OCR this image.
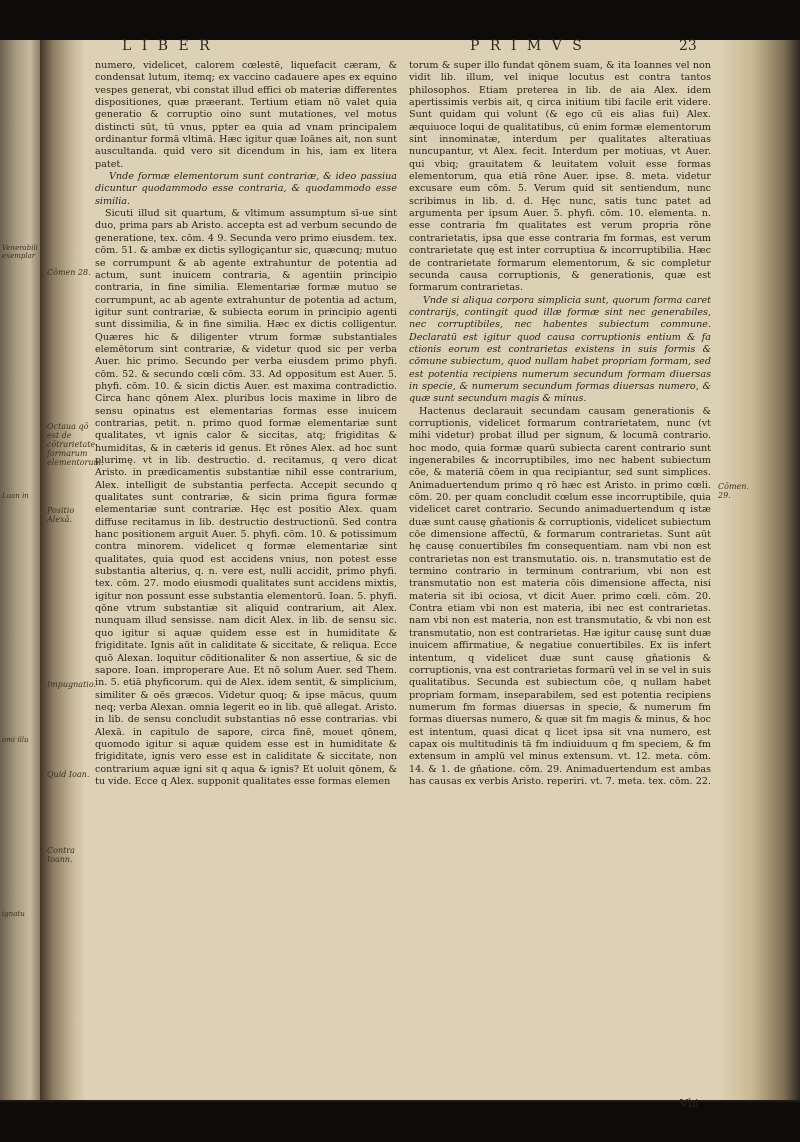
Venerabili exemplar
Luan in
omi illu
ignatu
L I B E R	P R I M V S	23

numero, videlicet, calorem cœlestē, liquefacit cæram, & condensat lutum, itemq; ex vaccino cadauere apes ex equino vespes generat, vbi constat illud effici ob materiæ differentes dispositiones, quæ præerant. Tertium etiam nō valet quia generatio & corruptio oino sunt mutationes, vel motus distincti sūt, tū vnus, ppter ea quia ad vnam principalem ordinantur formā vltimā. Hæc igitur quæ Ioānes ait, non sunt auscultanda. quid vero sit dicendum in his, iam ex litera patet.

Vnde formæ elementorum sunt contrariæ, & ideo passiua dicuntur quodammodo esse contraria, & quodammodo esse similia.

Sicuti illud sit quartum, & vltimum assumptum sī-ue sint duo, prima pars ab Aristo. accepta est ad verbum secundo de generatione, tex. cōm. 4 9. Secunda vero primo eiusdem. tex. cōm. 51. & ambæ ex dictis syllogiçantur sic, quæcunq; mutuo se corrumpunt & ab agente extrahuntur de potentia ad actum, sunt inuicem contraria, & agentiin principio contraria, in fine similia. Elementariæ formæ mutuo se corrumpunt, ac ab agente extrahuntur de potentia ad actum, igitur sunt contrariæ, & subiecta eorum in principio agenti sunt dissimilia, & in fine similia. Hæc ex dictis colligentur. Quæres hic & diligenter vtrum formæ substantiales elemētorum sint contrariæ, & videtur quod sic per verba Auer. hic primo. Secundo per verba eiusdem primo phyfi. cōm. 52. & secundo cœli cōm. 33. Ad oppositum est Auer. 5. phyfi. cōm. 10. & sicin dictis Auer. est maxima contradictio. Circa hanc qōnem Alex. pluribus locis maxime in libro de sensu opinatus est elementarias formas esse inuicem contrarias, petit. n. primo quod formæ elementariæ sunt qualitates, vt ignis calor & siccitas, atq; frigiditas & humiditas, & in cæteris id genus. Et rōnes Alex. ad hoc sunt plurimę. vt in lib. destructio. d. recitamus, q vero dicat Aristo. in prædicamentis substantiæ nihil esse contrarium, Alex. intelligit de substantia perfecta. Accepit secundo q qualitates sunt contrariæ, & sicin prima figura formæ elementariæ sunt contrariæ. Hęc est positio Alex. quam diffuse recitamus in lib. destructio destructionū. Sed contra hanc positionem arguit Auer. 5. phyfi. cōm. 10. & potissimum contra minorem. videlicet q formæ elementariæ sint qualitates, quia quod est accidens vnius, non potest esse substantia alterius, q. n. vere est, nulli accidit, primo phyfi. tex. cōm. 27. modo eiusmodi qualitates sunt accidens mixtis, igitur non possunt esse substantia elementorū. Ioan. 5. phyfi. qōne vtrum substantiæ sit aliquid contrarium, ait Alex. nunquam illud sensisse. nam dicit Alex. in lib. de sensu sic. quo igitur si aquæ quidem esse est in humiditate & frigiditate. Ignis aūt in caliditate & siccitate, & reliqua. Ecce quō Alexan. loquitur cōditionaliter & non assertiue, & sic de sapore. Ioan. improperare Aue. Et nō solum Auer. sed Them. in. 5. etiā phyficorum. qui de Alex. idem sentit, & simplicium, similiter & oēs græcos. Videtur quoq; & ipse mācus, quum neq; verba Alexan. omnia legerit eo in lib. quē allegat. Aristo. in lib. de sensu concludit substantias nō esse contrarias. vbi Alexā. in capitulo de sapore, circa finē, mouet qōnem, quomodo igitur si aquæ quidem esse est in humiditate & frigiditate, ignis vero esse est in caliditate & siccitate, non contrarium aquæ igni sit q aqua & ignis? Et uoluit qōnem, & tu vide. Ecce q Alex. supponit qualitates esse formas elemen

torum & super illo fundat qōnem suam, & ita Ioannes vel non vidit lib. illum, vel inique locutus est contra tantos philosophos. Etiam preterea in lib. de aia Alex. idem apertissimis verbis ait, q circa initium tibi facile erit videre. Sunt quidam qui volunt (& ego cū eis alias fui) Alex. æquiuoce loqui de qualitatibus, cū enim formæ elementorum sint innominatæ, interdum per qualitates alteratiuas nuncupantur, vt Alex. fecit. Interdum per motiuas, vt Auer. qui vbiq; grauitatem & leuitatem voluit esse formas elementorum, qua etiā rōne Auer. ipse. 8. meta. videtur excusare eum cōm. 5. Verum quid sit sentiendum, nunc scribimus in lib. d. d. Hęc nunc, satis tunc patet ad argumenta per ipsum Auer. 5. phyfi. cōm. 10. elementa. n. esse contraria fm qualitates est verum propria rōne contrarietatis, ipsa que esse contraria fm formas, est verum contrarietate quę est inter corruptiua & incorruptibilia. Hæc de contrarietate formarum elementorum, & sic completur secunda causa corruptionis, & generationis, quæ est formarum contrarietas.

Vnde si aliqua corpora simplicia sunt, quorum forma caret contrarijs, contingit quod illæ formæ sint nec generabiles, nec corruptibiles, nec habentes subiectum commune. Declaratū est igitur quod causa corruptionis entium & fa ctionis eorum est contrarietas existens in suis formis & cōmune subiectum, quod nullam habet propriam formam, sed est potentia recipiens numerum secundum formam diuersas in specie, & numerum secundum formas diuersas numero, & quæ sunt secundum magis & minus.

Hactenus declarauit secundam causam generationis & corruptionis, videlicet formarum contrarietatem, nunc (vt mihi videtur) probat illud per signum, & locumā contrario. hoc modo, quia formæ quarū subiecta carent contrario sunt ingenerabiles & incorruptibiles, imo nec habent subiectum cōe, & materiā cōem in qua recipiantur, sed sunt simplices. Animaduertendum primo q rō hæc est Aristo. in primo cœli. cōm. 20. per quam concludit cœlum esse incorruptibile, quia videlicet caret contrario. Secundo animaduertendum q istæ duæ sunt causę gňationis & corruptionis, videlicet subiectum cōe dimensione affectū, & formarum contrarietas. Sunt aūt hę causę conuertibiles fm consequentiam. nam vbi non est contrarietas non est transmutatio. ois. n. transmutatio est de termino contrario in terminum contrarium, vbi non est transmutatio non est materia cōis dimensione affecta, nisi materia sit ibi ociosa, vt dicit Auer. primo cœli. cōm. 20. Contra etiam vbi non est materia, ibi nec est contrarietas. nam vbi non est materia, non est transmutatio, & vbi non est transmutatio, non est contrarietas. Hæ igitur causę sunt duæ inuicem affirmatiue, & negatiue conuertibiles. Ex iis infert intentum, q videlicet duæ sunt causę gňationis & corruptionis, vna est contrarietas formarū vel in se vel in suis qualitatibus. Secunda est subiectum cōe, q nullam habet propriam formam, inseparabilem, sed est potentia recipiens numerum fm formas diuersas in specie, & numerum fm formas diuersas numero, & quæ sit fm magis & minus, & hoc est intentum, quasi dicat q licet ipsa sit vna numero, est capax ois multitudinis tā fm indiuiduum q fm speciem, & fm extensum in amplū vel minus extensum. vt. 12. meta. cōm. 14. & 1. de gňatione. cōm. 29. Animaduertendum est ambas has causas ex verbis Aristo. reperiri. vt. 7. meta. tex. cōm. 22.

Cōmen 28.
Octaua qō est de cōtrarietate formarum elementorum.
Positio Alexā.
Impugnatio.
Quid Ioan.
Contra Ioann.
Cōmen. 29.
Vbi
